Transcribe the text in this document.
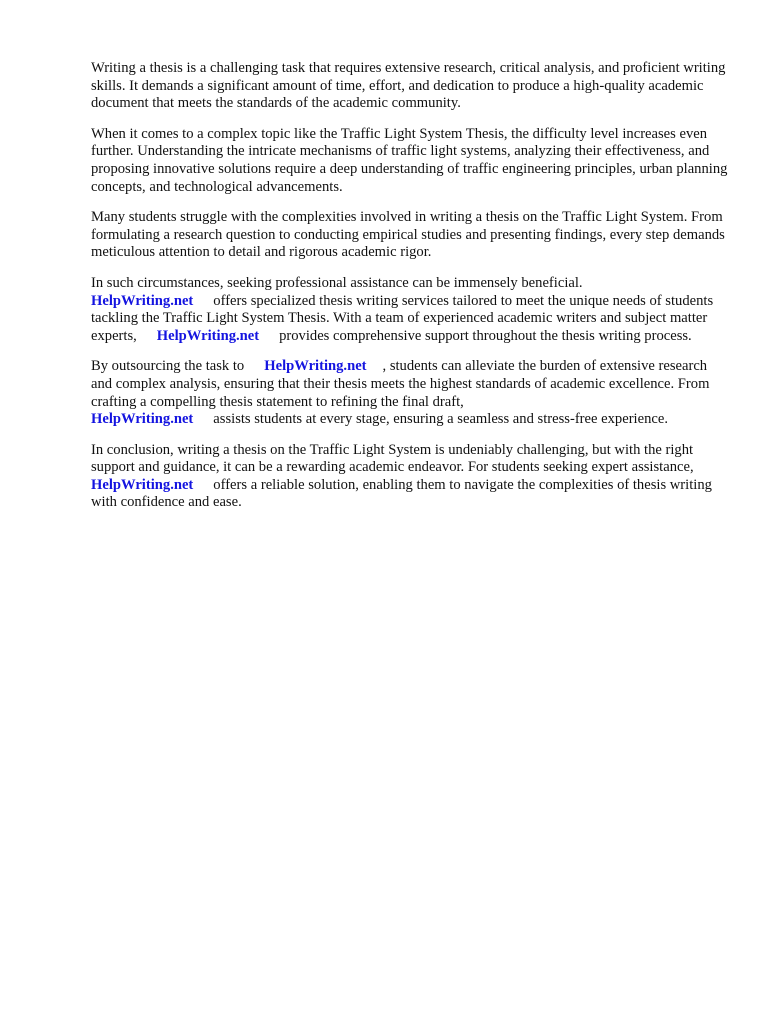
Writing a thesis is a challenging task that requires extensive research, critical analysis, and proficient writing skills. It demands a significant amount of time, effort, and dedication to produce a high-quality academic document that meets the standards of the academic community.

When it comes to a complex topic like the Traffic Light System Thesis, the difficulty level increases even further. Understanding the intricate mechanisms of traffic light systems, analyzing their effectiveness, and proposing innovative solutions require a deep understanding of traffic engineering principles, urban planning concepts, and technological advancements.

Many students struggle with the complexities involved in writing a thesis on the Traffic Light System. From formulating a research question to conducting empirical studies and presenting findings, every step demands meticulous attention to detail and rigorous academic rigor.

In such circumstances, seeking professional assistance can be immensely beneficial.
HelpWriting.net offers specialized thesis writing services tailored to meet the unique needs of students tackling the Traffic Light System Thesis. With a team of experienced academic writers and subject matter experts, HelpWriting.net provides comprehensive support throughout the thesis writing process.

By outsourcing the task to HelpWriting.net , students can alleviate the burden of extensive research and complex analysis, ensuring that their thesis meets the highest standards of academic excellence. From crafting a compelling thesis statement to refining the final draft,
HelpWriting.net assists students at every stage, ensuring a seamless and stress-free experience.

In conclusion, writing a thesis on the Traffic Light System is undeniably challenging, but with the right support and guidance, it can be a rewarding academic endeavor. For students seeking expert assistance,HelpWriting.net offers a reliable solution, enabling them to navigate the complexities of thesis writing with confidence and ease.
